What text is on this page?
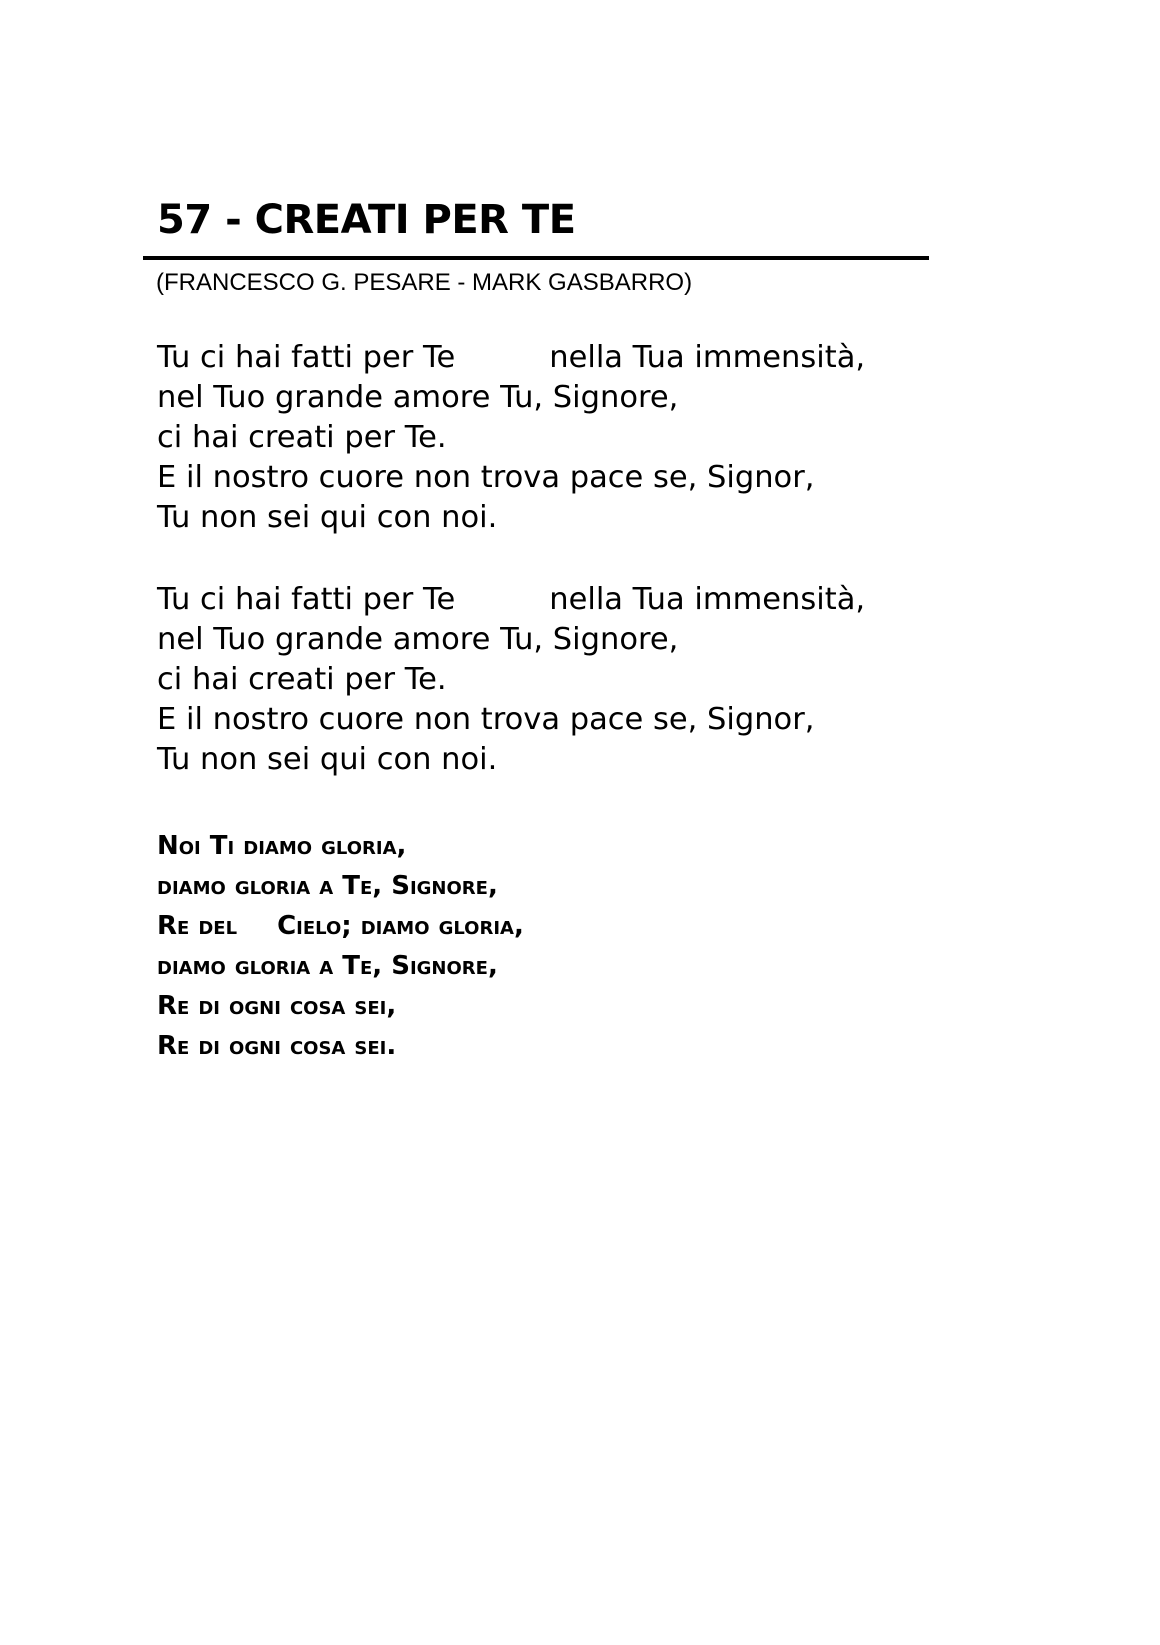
57 - CREATI PER TE
(FRANCESCO G. PESARE - MARK GASBARRO)
Tu ci hai fatti per Te	nella Tua immensità,
nel Tuo grande amore Tu, Signore,
ci hai creati per Te.
E il nostro cuore non trova pace se, Signor,
Tu non sei qui con noi.
Tu ci hai fatti per Te	nella Tua immensità,
nel Tuo grande amore Tu, Signore,
ci hai creati per Te.
E il nostro cuore non trova pace se, Signor,
Tu non sei qui con noi.
Noi Ti diamo gloria,
diamo gloria a Te, Signore,
Re del Cielo; diamo gloria,
diamo gloria a Te, Signore,
Re di ogni cosa sei,
Re di ogni cosa sei.
